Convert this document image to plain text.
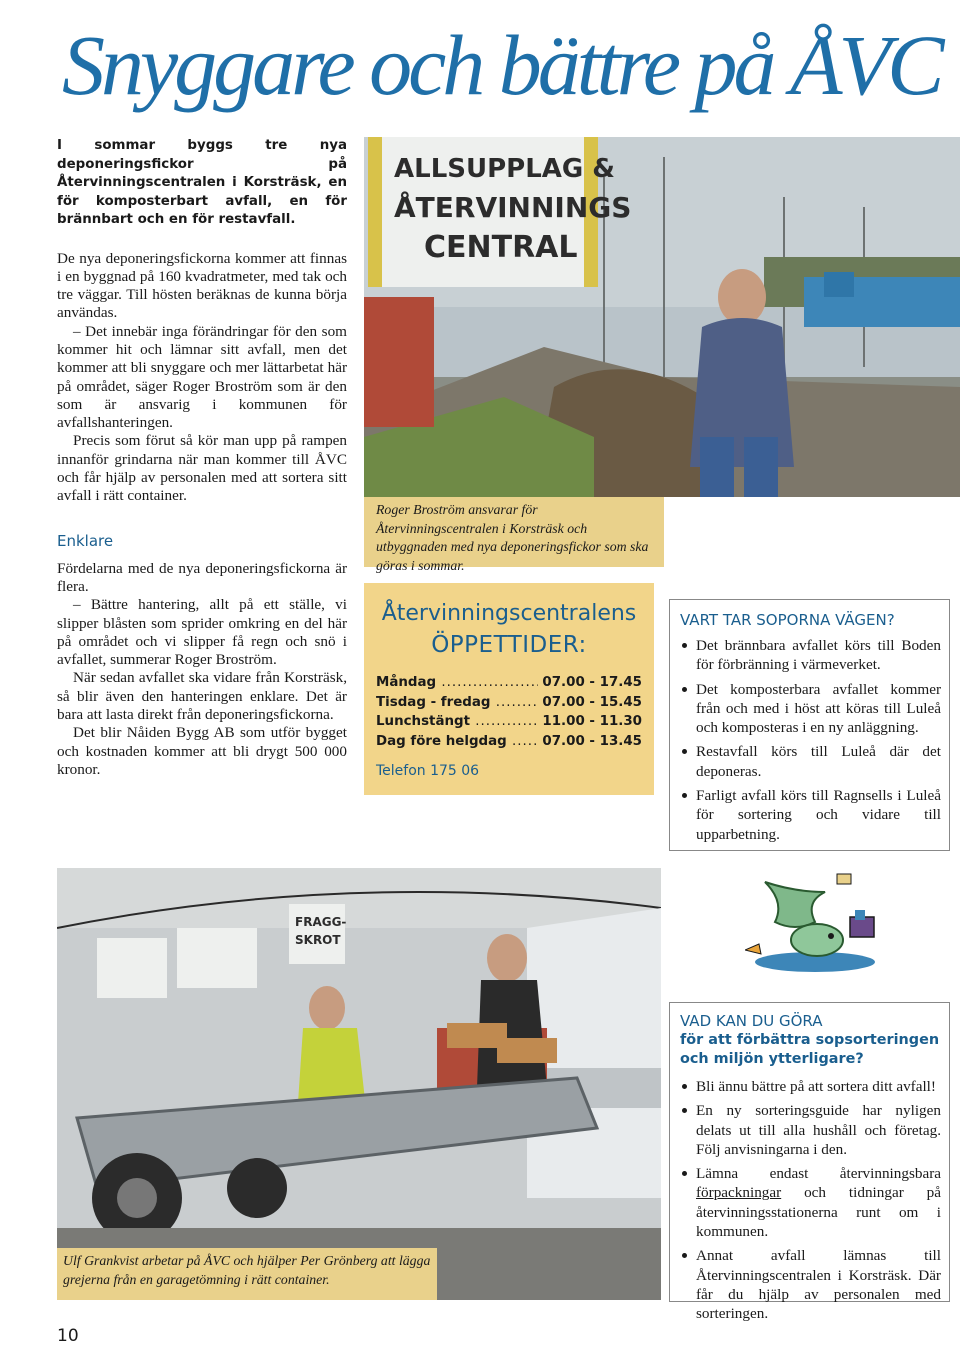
Snyggare och bättre på ÅVC
I sommar byggs tre nya deponeringsfickor på Återvinningscentralen i Korsträsk, en för komposterbart avfall, en för brännbart och en för restavfall.

De nya deponeringsfickorna kommer att finnas i en byggnad på 160 kvadratmeter, med tak och tre väggar. Till hösten beräknas de kunna börja användas.

– Det innebär inga förändringar för den som kommer hit och lämnar sitt avfall, men det kommer att bli snyggare och mer lättarbetat här på området, säger Roger Broström som är den som är ansvarig i kommunen för avfallshanteringen.

Precis som förut så kör man upp på rampen innanför grindarna när man kommer till ÅVC och får hjälp av personalen med att sortera sitt avfall i rätt container.

Enklare

Fördelarna med de nya deponeringsfickorna är flera.

– Bättre hantering, allt på ett ställe, vi slipper blåsten som sprider omkring en del här på området och vi slipper få regn och snö i avfallet, summerar Roger Broström.

När sedan avfallet ska vidare från Korsträsk, så blir även den hanteringen enklare. Det är bara att lasta direkt från deponeringsfickorna.

Det blir Nåiden Bygg AB som utför bygget och kostnaden kommer att bli drygt 500 000 kronor.

ALLSUPPLAG &
ÅTERVINNINGS
CENTRAL
Roger Broström ansvarar för Återvinningscentralen i Korsträsk och utbyggnaden med nya deponeringsfickor som ska göras i sommar.
Återvinningscentralens
ÖPPETTIDER:
Måndag .....	07.00 - 17.45
Tisdag - fredag .....	07.00 - 15.45
Lunchstängt .....	11.00 - 11.30
Dag före helgdag .....	07.00 - 13.45
Telefon 175 06
VART TAR SOPORNA VÄGEN?
Det brännbara avfallet körs till Boden för förbränning i värmeverket.
Det komposterbara avfallet kommer från och med i höst att köras till Luleå och komposteras i en ny anläggning.
Restavfall körs till Luleå där det deponeras.
Farligt avfall körs till Ragnsells i Luleå för sortering och vidare till upparbetning.
FRAGG-
SKROT
Ulf Grankvist arbetar på ÅVC och hjälper Per Grönberg att lägga grejerna från en garagetömning i rätt container.
VAD KAN DU GÖRA
för att förbättra sopsorteringen och miljön ytterligare?
Bli ännu bättre på att sortera ditt avfall!
En ny sorteringsguide har nyligen delats ut till alla hushåll och företag. Följ anvisningarna i den.
Lämna endast återvinningsbara förpackningar och tidningar på återvinningsstationerna runt om i kommunen.
Annat avfall lämnas till Återvinningscentralen i Korsträsk. Där får du hjälp av personalen med sorteringen.
10
